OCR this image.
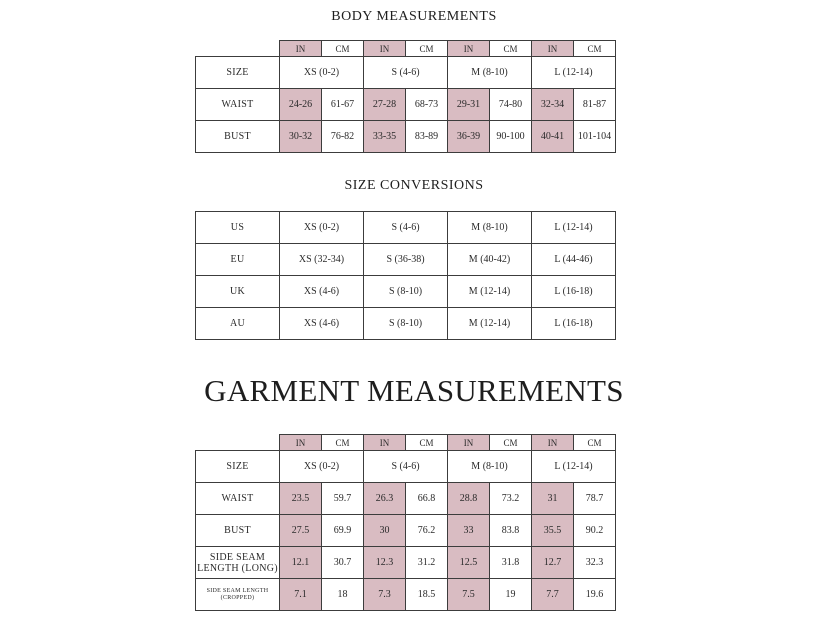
BODY MEASUREMENTS
	IN	CM	IN	CM	IN	CM	IN	CM
SIZE	XS (0-2)		S (4-6)		M (8-10)		L (12-14)	
WAIST	24-26	61-67	27-28	68-73	29-31	74-80	32-34	81-87
BUST	30-32	76-82	33-35	83-89	36-39	90-100	40-41	101-104
SIZE CONVERSIONS
US	XS (0-2)	S (4-6)	M (8-10)	L (12-14)
EU	XS (32-34)	S (36-38)	M (40-42)	L (44-46)
UK	XS (4-6)	S (8-10)	M (12-14)	L (16-18)
AU	XS (4-6)	S (8-10)	M (12-14)	L (16-18)
GARMENT MEASUREMENTS
	IN	CM	IN	CM	IN	CM	IN	CM
SIZE	XS (0-2)		S (4-6)		M (8-10)		L (12-14)	
WAIST	23.5	59.7	26.3	66.8	28.8	73.2	31	78.7
BUST	27.5	69.9	30	76.2	33	83.8	35.5	90.2
SIDE SEAM LENGTH (LONG)	12.1	30.7	12.3	31.2	12.5	31.8	12.7	32.3
SIDE SEAM LENGTH (CROPPED)	7.1	18	7.3	18.5	7.5	19	7.7	19.6
